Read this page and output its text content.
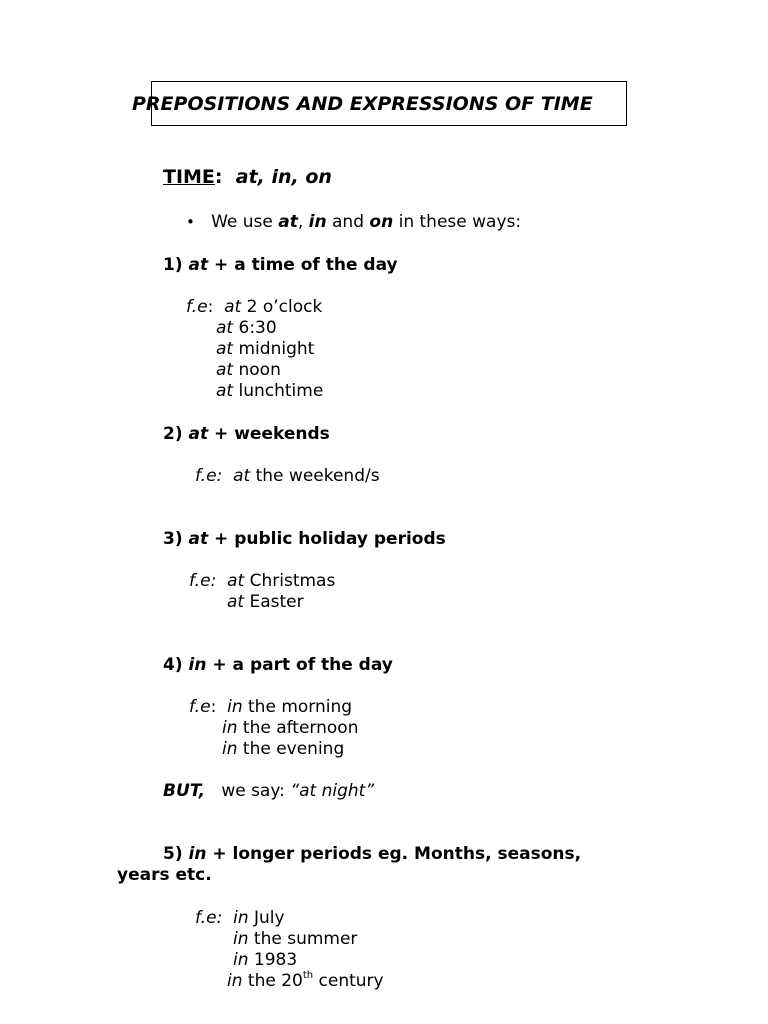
PREPOSITIONS AND EXPRESSIONS OF TIME
TIME: at, in, on
• We use at, in and on in these ways:
1) at + a time of the day
f.e:  at 2 o’clock
at 6:30
at midnight
at noon
at lunchtime
2) at + weekends
f.e: at the weekend/s
3) at + public holiday periods
f.e: at Christmas
at Easter
4) in + a part of the day
f.e:  in the morning
in the afternoon
in the evening
BUT, we say: “at night”
5) in + longer periods eg. Months, seasons,
years etc.
f.e: in July
in the summer
in 1983
in the 20th century
